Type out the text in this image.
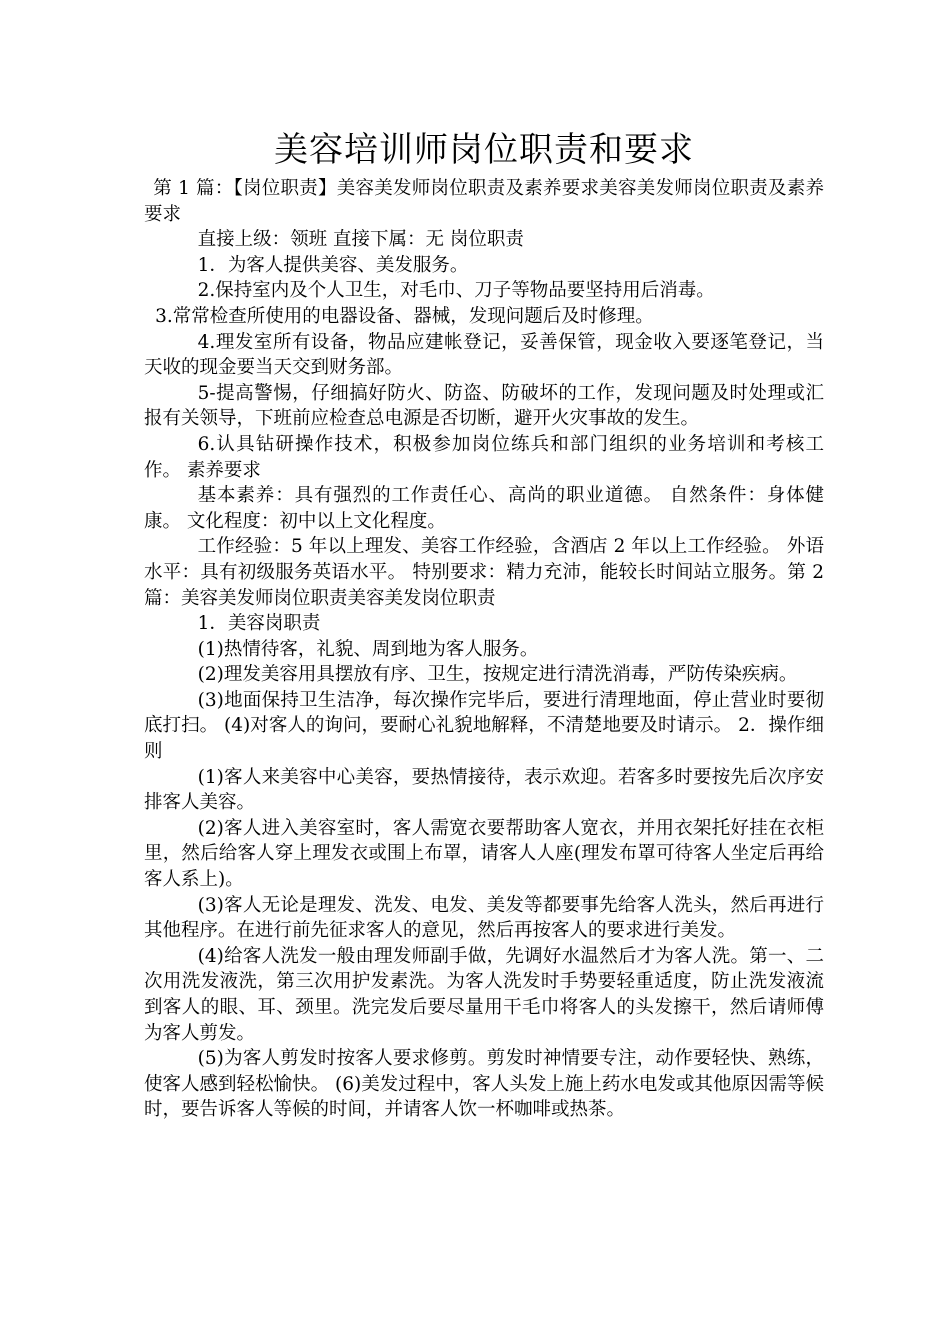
美容培训师岗位职责和要求

第 1 篇：【岗位职责】美容美发师岗位职责及素养要求美容美发师岗位职责及素养要求

直接上级：领班 直接下属：无 岗位职责

1．为客人提供美容、美发服务。

2.保持室内及个人卫生，对毛巾、刀子等物品要坚持用后消毒。

3.常常检查所使用的电器设备、器械，发现问题后及时修理。

4.理发室所有设备，物品应建帐登记，妥善保管，现金收入要逐笔登记，当天收的现金要当天交到财务部。

5-提高警惕，仔细搞好防火、防盗、防破坏的工作，发现问题及时处理或汇报有关领导，下班前应检查总电源是否切断，避开火灾事故的发生。

6.认具钻研操作技术，积极参加岗位练兵和部门组织的业务培训和考核工作。 素养要求

基本素养：具有强烈的工作责任心、高尚的职业道德。 自然条件：身体健康。 文化程度：初中以上文化程度。

工作经验：5 年以上理发、美容工作经验，含酒店 2 年以上工作经验。 外语水平：具有初级服务英语水平。 特别要求：精力充沛，能较长时间站立服务。第 2 篇：美容美发师岗位职责美容美发岗位职责

1．美容岗职责

(1)热情待客，礼貌、周到地为客人服务。

(2)理发美容用具摆放有序、卫生，按规定进行清洗消毒，严防传染疾病。

(3)地面保持卫生洁净，每次操作完毕后，要进行清理地面，停止营业时要彻底打扫。 (4)对客人的询问，要耐心礼貌地解释，不清楚地要及时请示。 2．操作细则

(1)客人来美容中心美容，要热情接待，表示欢迎。若客多时要按先后次序安排客人美容。

(2)客人进入美容室时，客人需宽衣要帮助客人宽衣，并用衣架托好挂在衣柜里，然后给客人穿上理发衣或围上布罩，请客人人座(理发布罩可待客人坐定后再给客人系上)。

(3)客人无论是理发、洗发、电发、美发等都要事先给客人洗头，然后再进行其他程序。在进行前先征求客人的意见，然后再按客人的要求进行美发。

(4)给客人洗发一般由理发师副手做，先调好水温然后才为客人洗。第一、二次用洗发液洗，第三次用护发素洗。为客人洗发时手势要轻重适度，防止洗发液流到客人的眼、耳、颈里。洗完发后要尽量用干毛巾将客人的头发擦干，然后请师傅为客人剪发。

(5)为客人剪发时按客人要求修剪。剪发时神情要专注，动作要轻快、熟练，使客人感到轻松愉快。 (6)美发过程中，客人头发上施上药水电发或其他原因需等候时，要告诉客人等候的时间，并请客人饮一杯咖啡或热茶。
